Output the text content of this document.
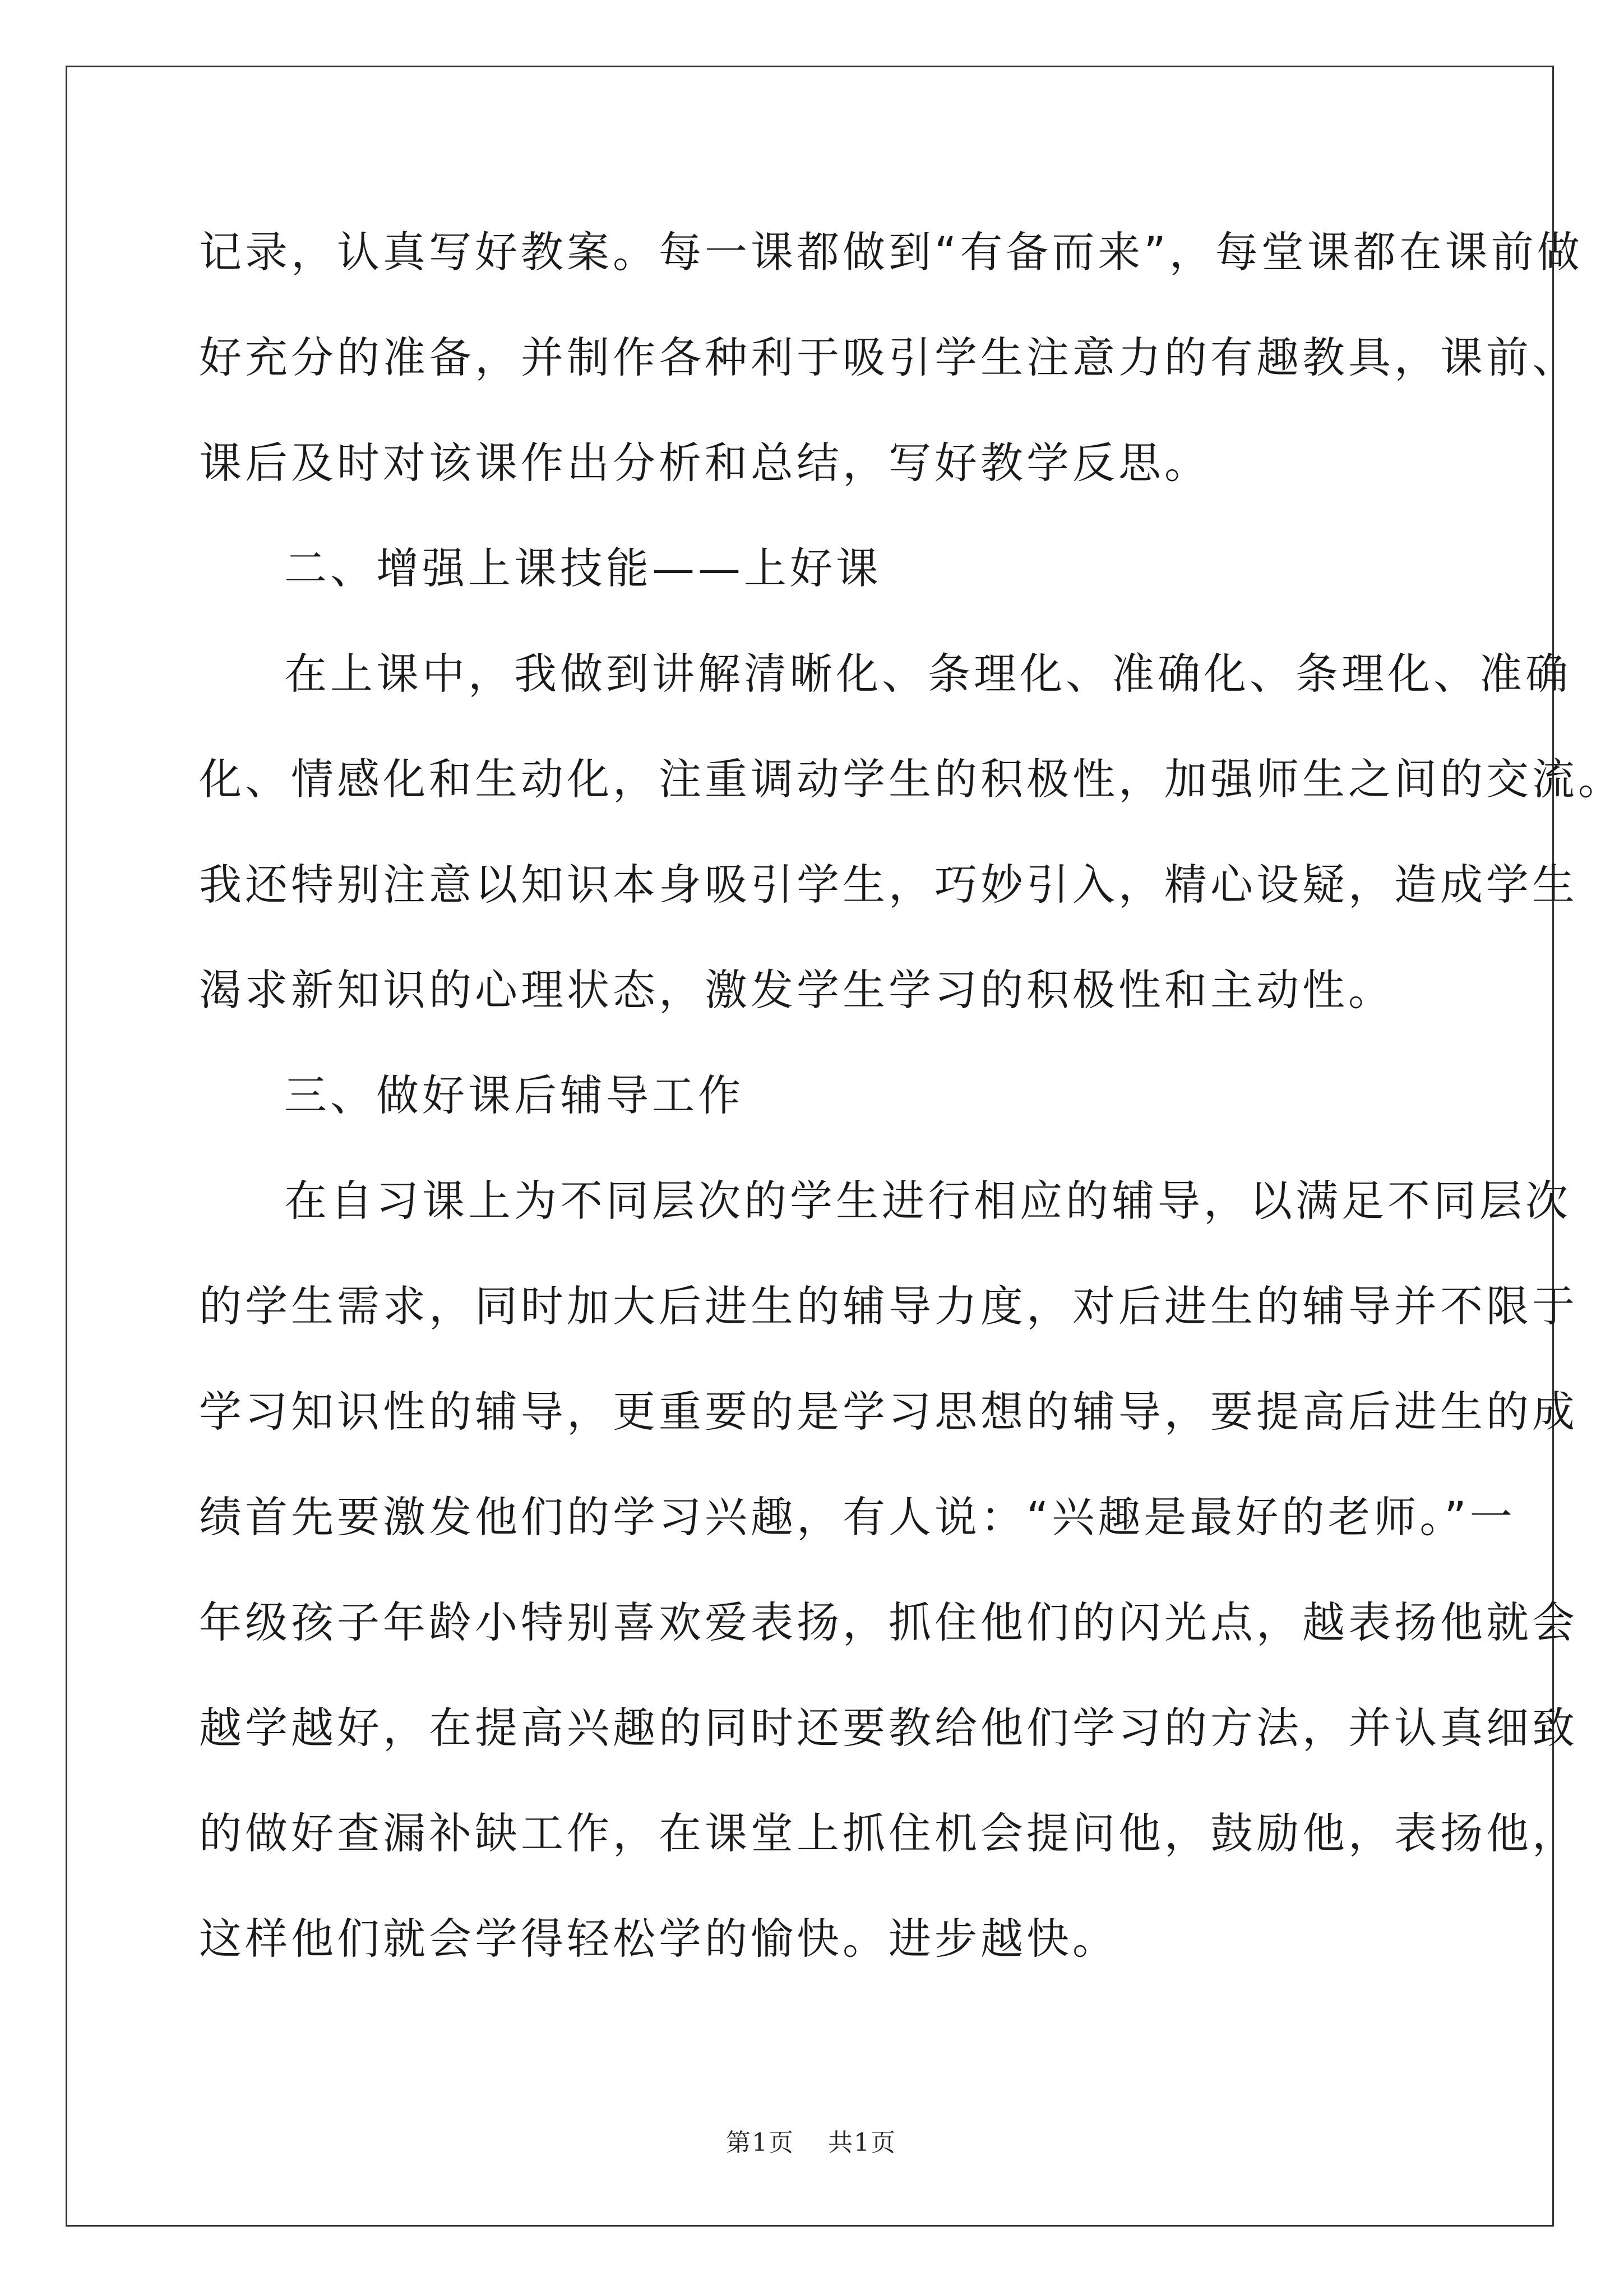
记录，认真写好教案。每一课都做到“有备而来”，每堂课都在课前做
好充分的准备，并制作各种利于吸引学生注意力的有趣教具，课前、
课后及时对该课作出分析和总结，写好教学反思。
二、增强上课技能——上好课
在上课中，我做到讲解清晰化、条理化、准确化、条理化、准确
化、情感化和生动化，注重调动学生的积极性，加强师生之间的交流。
我还特别注意以知识本身吸引学生，巧妙引入，精心设疑，造成学生
渴求新知识的心理状态，激发学生学习的积极性和主动性。
三、做好课后辅导工作
在自习课上为不同层次的学生进行相应的辅导，以满足不同层次
的学生需求，同时加大后进生的辅导力度，对后进生的辅导并不限于
学习知识性的辅导，更重要的是学习思想的辅导，要提高后进生的成
绩首先要激发他们的学习兴趣，有人说：“兴趣是最好的老师。”一
年级孩子年龄小特别喜欢爱表扬，抓住他们的闪光点，越表扬他就会
越学越好，在提高兴趣的同时还要教给他们学习的方法，并认真细致
的做好查漏补缺工作，在课堂上抓住机会提问他，鼓励他，表扬他，
这样他们就会学得轻松学的愉快。进步越快。
第1页 共1页
